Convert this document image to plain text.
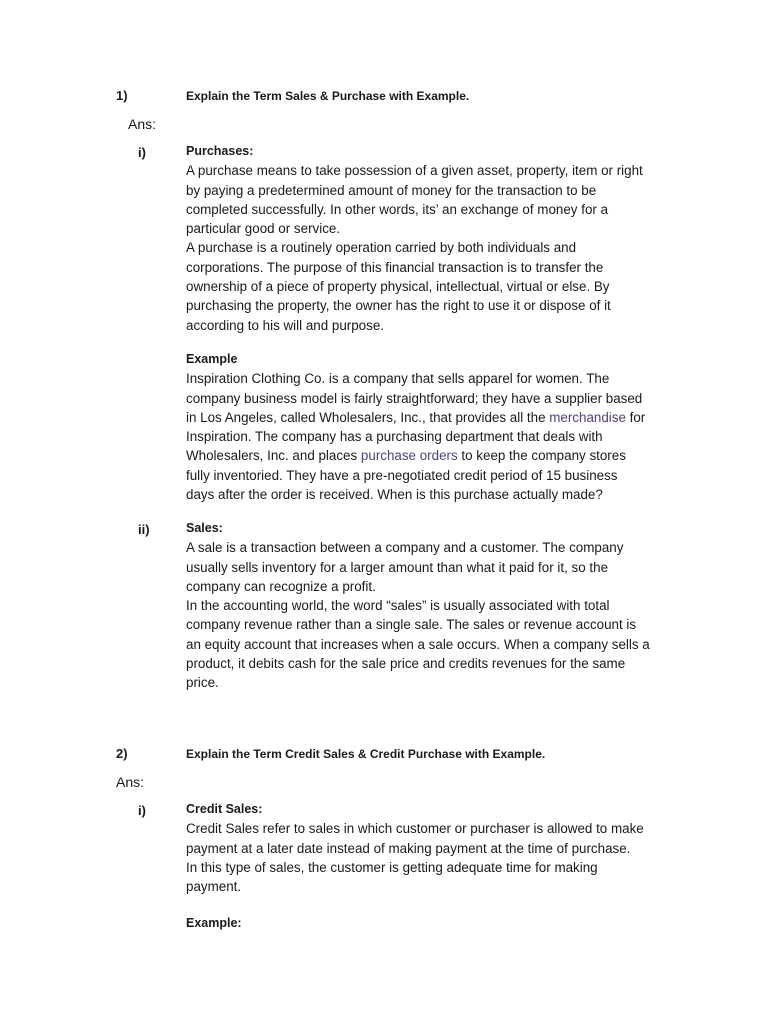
1)	Explain the Term Sales & Purchase with Example.
Ans:
i)	Purchases:
A purchase means to take possession of a given asset, property, item or right
by paying a predetermined amount of money for the transaction to be
completed successfully. In other words, its’ an exchange of money for a
particular good or service.
A purchase is a routinely operation carried by both individuals and
corporations. The purpose of this financial transaction is to transfer the
ownership of a piece of property physical, intellectual, virtual or else. By
purchasing the property, the owner has the right to use it or dispose of it
according to his will and purpose.
Example
Inspiration Clothing Co. is a company that sells apparel for women. The
company business model is fairly straightforward; they have a supplier based
in Los Angeles, called Wholesalers, Inc., that provides all the merchandise for
Inspiration. The company has a purchasing department that deals with
Wholesalers, Inc. and places purchase orders to keep the company stores
fully inventoried. They have a pre-negotiated credit period of 15 business
days after the order is received. When is this purchase actually made?
ii)	Sales:
A sale is a transaction between a company and a customer. The company
usually sells inventory for a larger amount than what it paid for it, so the
company can recognize a profit.
In the accounting world, the word “sales” is usually associated with total
company revenue rather than a single sale. The sales or revenue account is
an equity account that increases when a sale occurs. When a company sells a
product, it debits cash for the sale price and credits revenues for the same
price.
2)	Explain the Term Credit Sales & Credit Purchase with Example.
Ans:
i)	Credit Sales:
Credit Sales refer to sales in which customer or purchaser is allowed to make
payment at a later date instead of making payment at the time of purchase.
In this type of sales, the customer is getting adequate time for making
payment.
Example:
